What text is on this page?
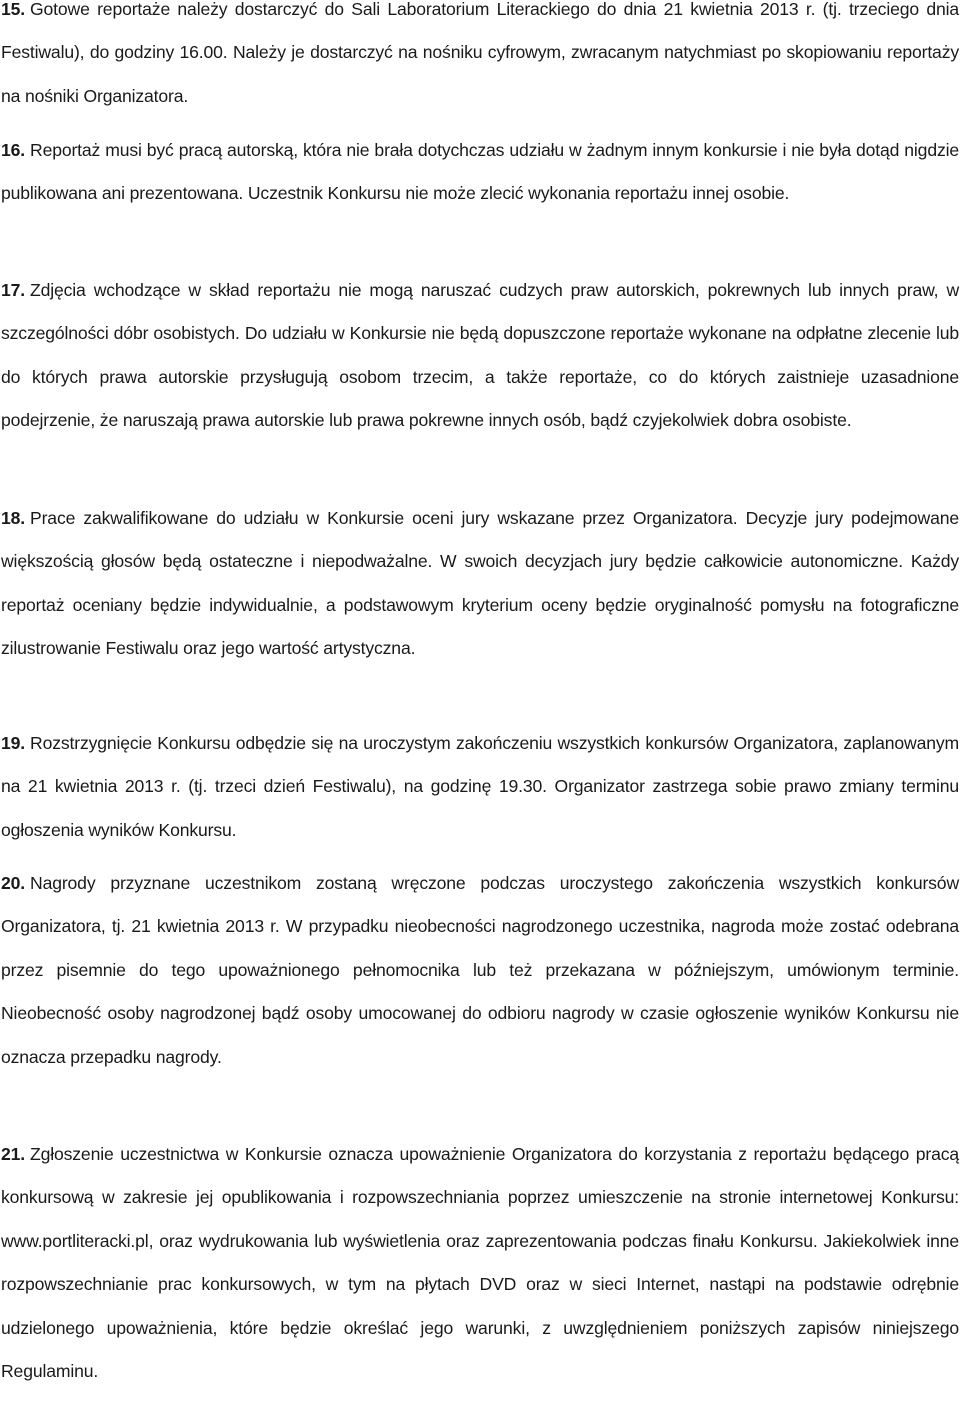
15. Gotowe reportaże należy dostarczyć do Sali Laboratorium Literackiego do dnia 21 kwietnia 2013 r. (tj. trzeciego dnia Festiwalu), do godziny 16.00. Należy je dostarczyć na nośniku cyfrowym, zwracanym natychmiast po skopiowaniu reportaży na nośniki Organizatora.

16. Reportaż musi być pracą autorską, która nie brała dotychczas udziału w żadnym innym konkursie i nie była dotąd nigdzie publikowana ani prezentowana. Uczestnik Konkursu nie może zlecić wykonania reportażu innej osobie.

17. Zdjęcia wchodzące w skład reportażu nie mogą naruszać cudzych praw autorskich, pokrewnych lub innych praw, w szczególności dóbr osobistych. Do udziału w Konkursie nie będą dopuszczone reportaże wykonane na odpłatne zlecenie lub do których prawa autorskie przysługują osobom trzecim, a także reportaże, co do których zaistnieje uzasadnione podejrzenie, że naruszają prawa autorskie lub prawa pokrewne innych osób, bądź czyjekolwiek dobra osobiste.

18. Prace zakwalifikowane do udziału w Konkursie oceni jury wskazane przez Organizatora. Decyzje jury podejmowane większością głosów będą ostateczne i niepodważalne. W swoich decyzjach jury będzie całkowicie autonomiczne. Każdy reportaż oceniany będzie indywidualnie, a podstawowym kryterium oceny będzie oryginalność pomysłu na fotograficzne zilustrowanie Festiwalu oraz jego wartość artystyczna.

19. Rozstrzygnięcie Konkursu odbędzie się na uroczystym zakończeniu wszystkich konkursów Organizatora, zaplanowanym na 21 kwietnia 2013 r. (tj. trzeci dzień Festiwalu), na godzinę 19.30. Organizator zastrzega sobie prawo zmiany terminu ogłoszenia wyników Konkursu.

20. Nagrody przyznane uczestnikom zostaną wręczone podczas uroczystego zakończenia wszystkich konkursów Organizatora, tj. 21 kwietnia 2013 r. W przypadku nieobecności nagrodzonego uczestnika, nagroda może zostać odebrana przez pisemnie do tego upoważnionego pełnomocnika lub też przekazana w późniejszym, umówionym terminie. Nieobecność osoby nagrodzonej bądź osoby umocowanej do odbioru nagrody w czasie ogłoszenie wyników Konkursu nie oznacza przepadku nagrody.

21. Zgłoszenie uczestnictwa w Konkursie oznacza upoważnienie Organizatora do korzystania z reportażu będącego pracą konkursową w zakresie jej opublikowania i rozpowszechniania poprzez umieszczenie na stronie internetowej Konkursu: www.portliteracki.pl, oraz wydrukowania lub wyświetlenia oraz zaprezentowania podczas finału Konkursu. Jakiekolwiek inne rozpowszechnianie prac konkursowych, w tym na płytach DVD oraz w sieci Internet, nastąpi na podstawie odrębnie udzielonego upoważnienia, które będzie określać jego warunki, z uwzględnieniem poniższych zapisów niniejszego Regulaminu.
